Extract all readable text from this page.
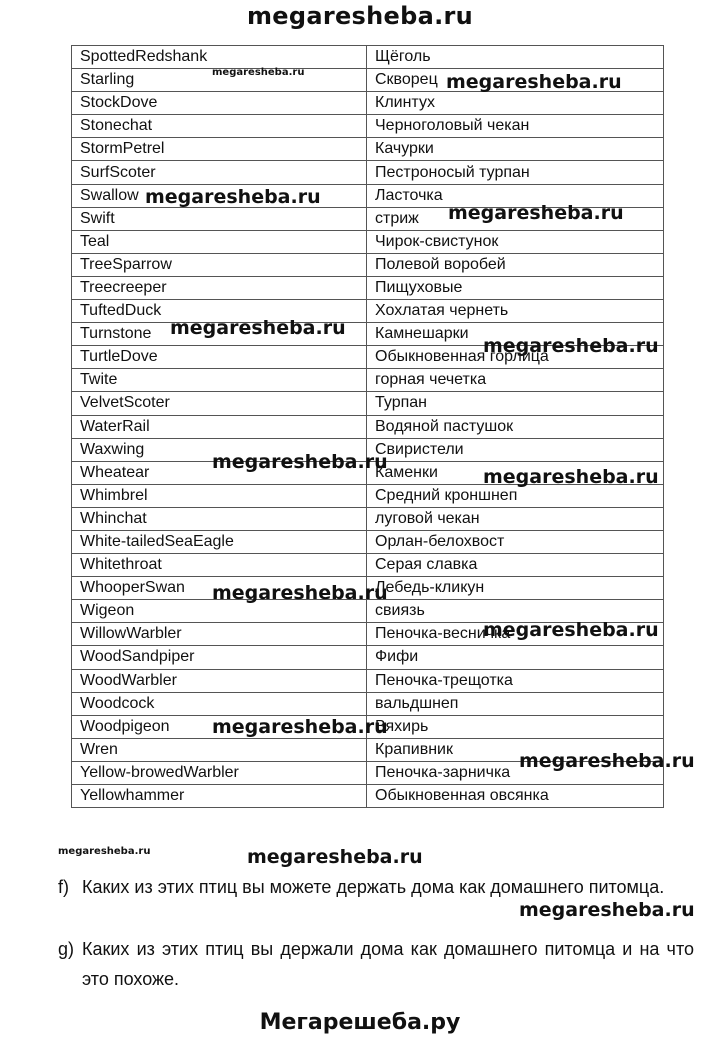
megaresheba.ru
SpottedRedshank	Щёголь
Starling	Скворец
StockDove	Клинтух
Stonechat	Черноголовый чекан
StormPetrel	Качурки
SurfScoter	Пестроносый турпан
Swallow	Ласточка
Swift	стриж
Teal	Чирок-свистунок
TreeSparrow	Полевой воробей
Treecreeper	Пищуховые
TuftedDuck	Хохлатая чернеть
Turnstone	Камнешарки
TurtleDove	Обыкновенная горлица
Twite	горная чечетка
VelvetScoter	Турпан
WaterRail	Водяной пастушок
Waxwing	Свиристели
Wheatear	Каменки
Whimbrel	Средний кроншнеп
Whinchat	луговой чекан
White-tailedSeaEagle	Орлан-белохвост
Whitethroat	Серая славка
WhooperSwan	Лебедь-кликун
Wigeon	свиязь
WillowWarbler	Пеночка-весничка
WoodSandpiper	Фифи
WoodWarbler	Пеночка-трещотка
Woodcock	вальдшнеп
Woodpigeon	Вяхирь
Wren	Крапивник
Yellow-browedWarbler	Пеночка-зарничка
Yellowhammer	Обыкновенная овсянка
megaresheba.ru	megaresheba.ru
megaresheba.ru
megaresheba.ru
megaresheba.ru
megaresheba.ru
megaresheba.ru
megaresheba.ru
megaresheba.ru
megaresheba.ru
megaresheba.ru
megaresheba.ru
megaresheba.ru	megaresheba.ru
megaresheba.ru
f) Каких из этих птиц вы можете держать дома как домашнего питомца.
g) Каких из этих птиц вы держали дома как домашнего питомца и на что это похоже.
Мегарешеба.ру
